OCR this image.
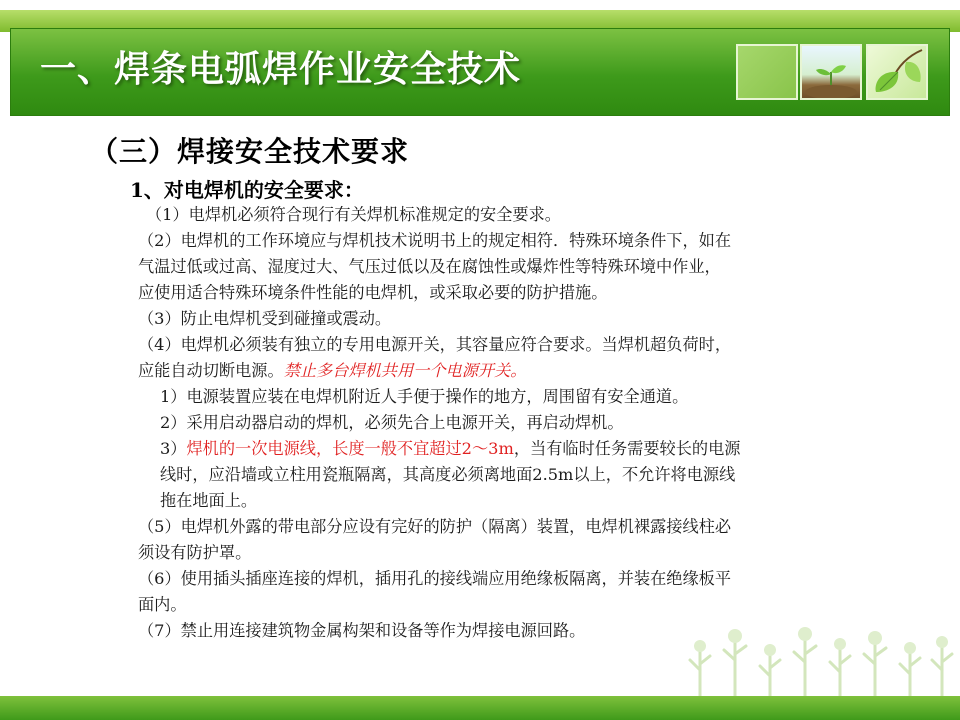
一、焊条电弧焊作业安全技术
（三）焊接安全技术要求
1、对电焊机的安全要求：
（1）电焊机必须符合现行有关焊机标准规定的安全要求。
（2）电焊机的工作环境应与焊机技术说明书上的规定相符．特殊环境条件下，如在
气温过低或过高、湿度过大、气压过低以及在腐蚀性或爆炸性等特殊环境中作业，
应使用适合特殊环境条件性能的电焊机，或采取必要的防护措施。
（3）防止电焊机受到碰撞或震动。
（4）电焊机必须装有独立的专用电源开关，其容量应符合要求。当焊机超负荷时，
应能自动切断电源。禁止多台焊机共用一个电源开关。
1）电源装置应装在电焊机附近人手便于操作的地方，周围留有安全通道。
2）采用启动器启动的焊机，必须先合上电源开关，再启动焊机。
3）焊机的一次电源线，长度一般不宜超过2～3m，当有临时任务需要较长的电源
线时，应沿墙或立柱用瓷瓶隔离，其高度必须离地面2.5m以上，不允许将电源线
拖在地面上。
（5）电焊机外露的带电部分应设有完好的防护（隔离）装置，电焊机裸露接线柱必
须设有防护罩。
（6）使用插头插座连接的焊机，插用孔的接线端应用绝缘板隔离，并装在绝缘板平
面内。
（7）禁止用连接建筑物金属构架和设备等作为焊接电源回路。
